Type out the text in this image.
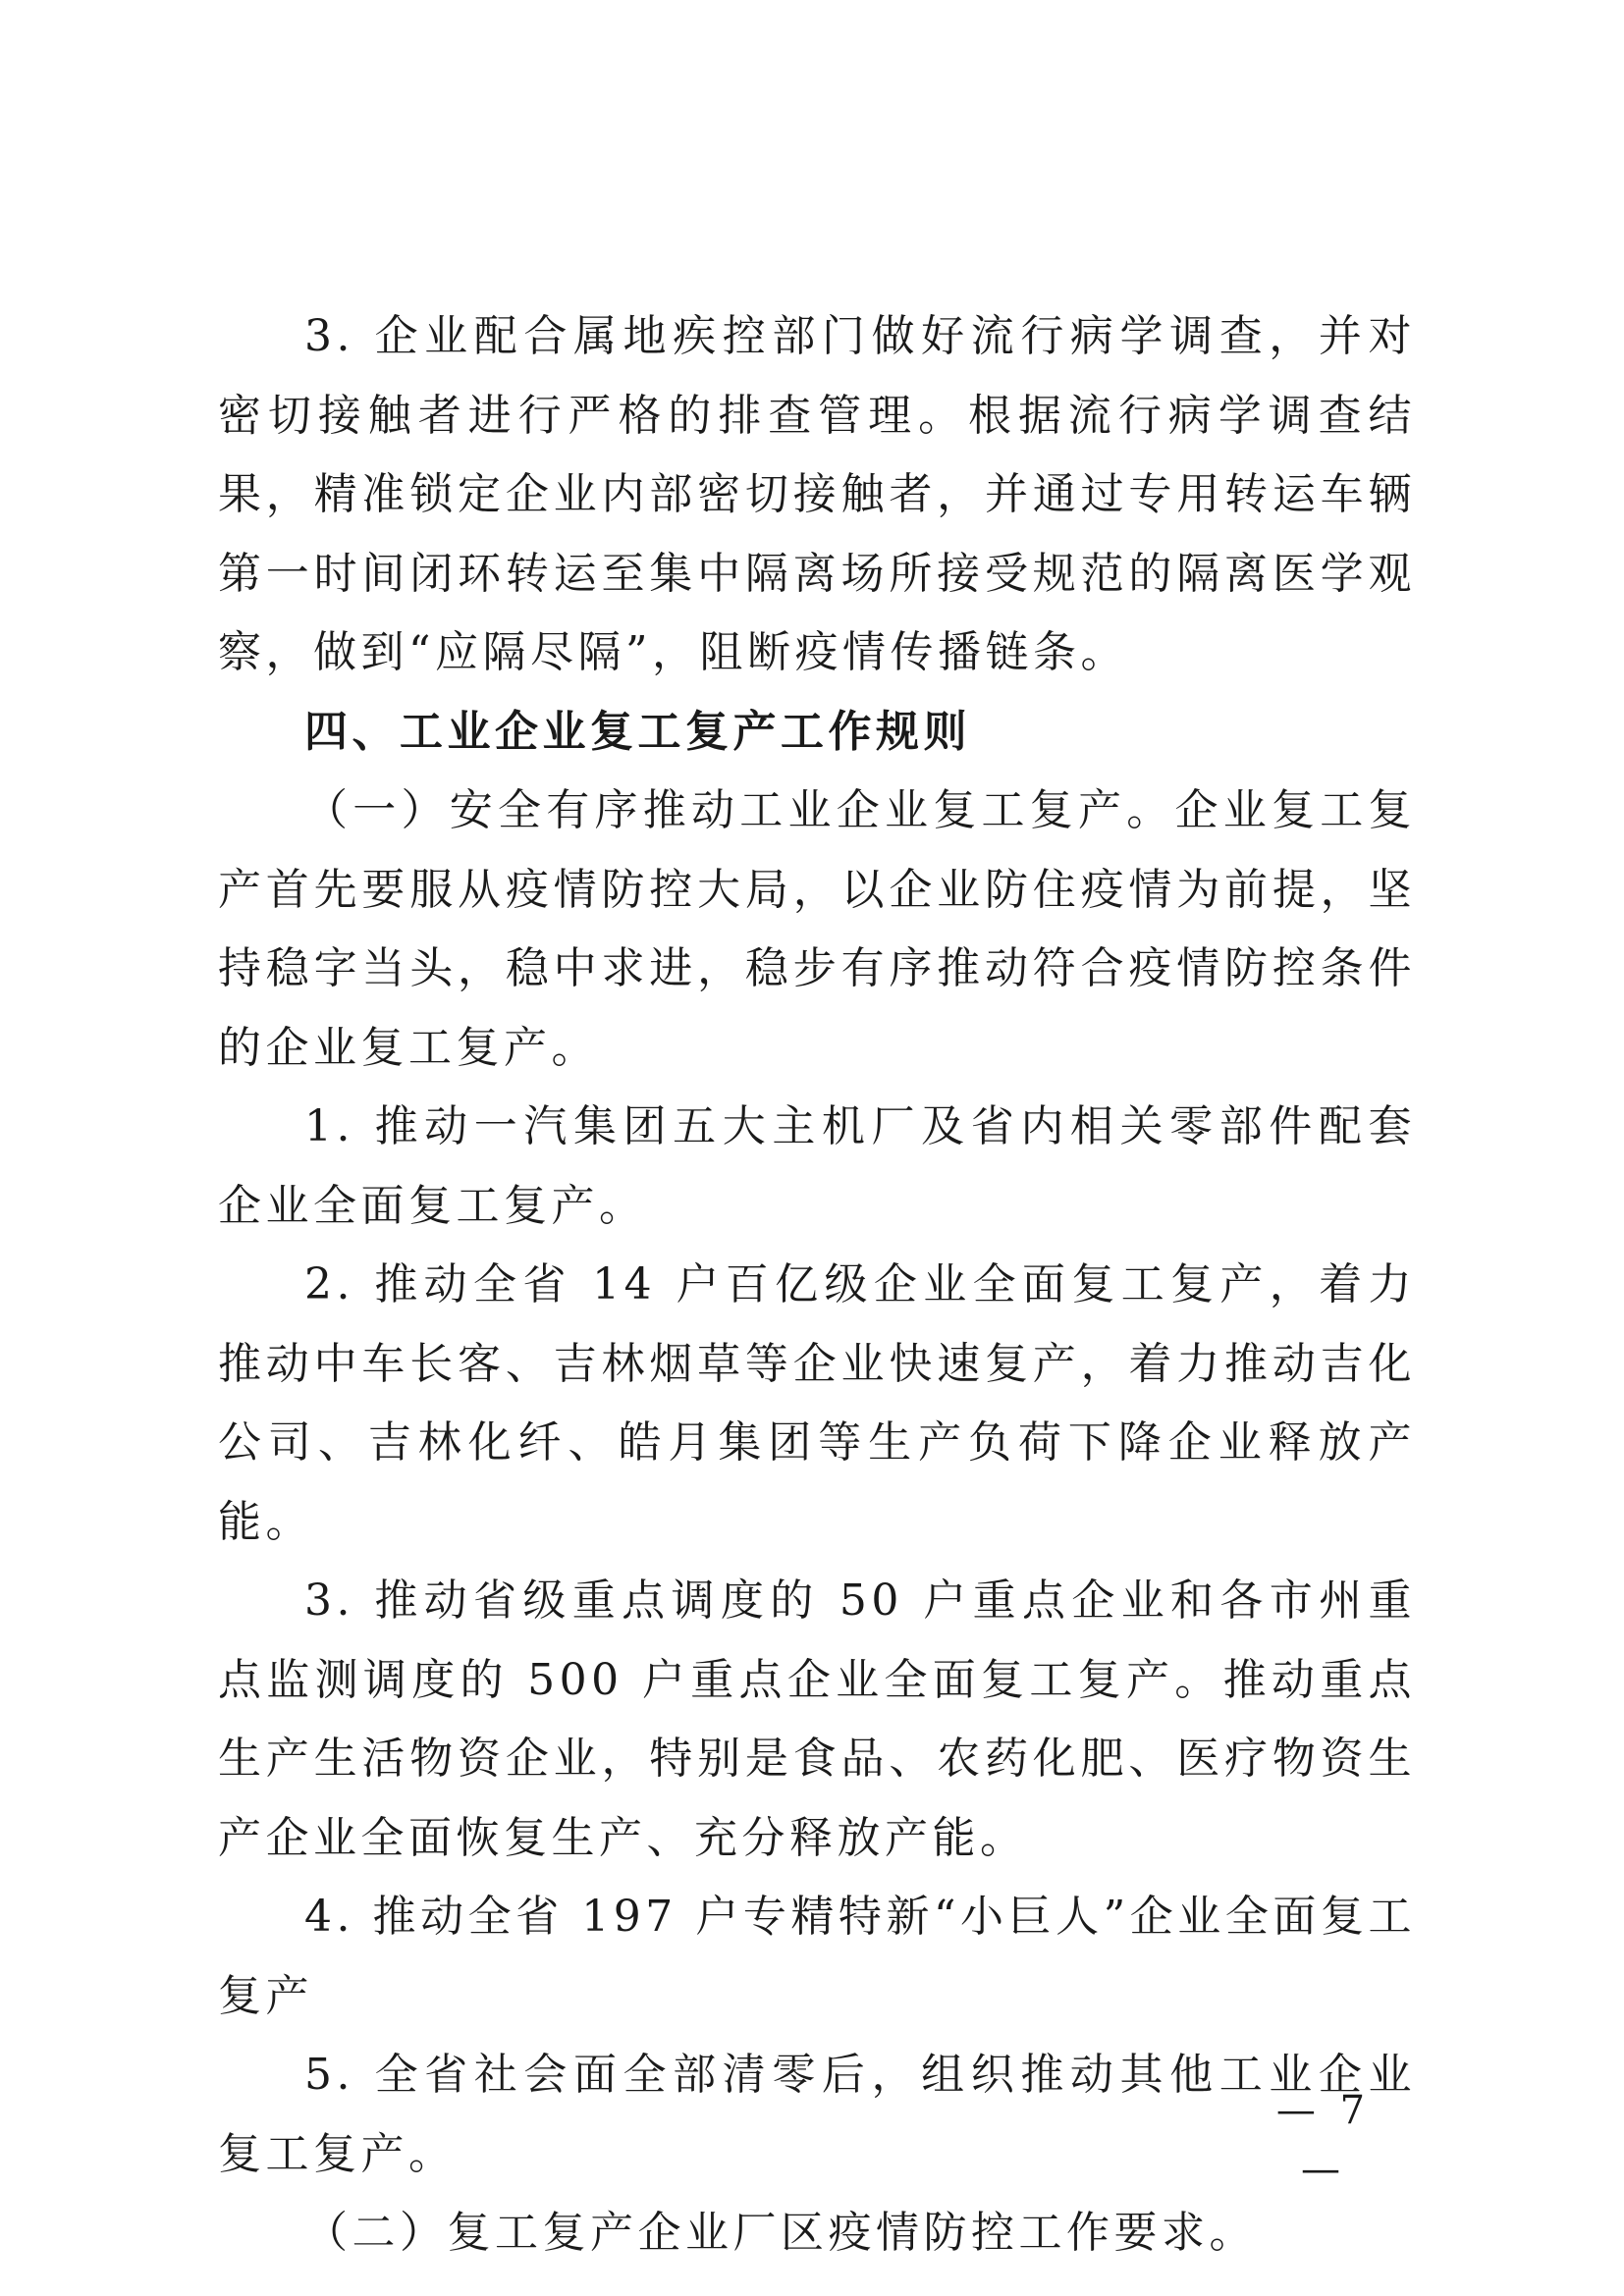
3. 企业配合属地疾控部门做好流行病学调查，并对密切接触者进行严格的排查管理。根据流行病学调查结果，精准锁定企业内部密切接触者，并通过专用转运车辆第一时间闭环转运至集中隔离场所接受规范的隔离医学观察，做到“应隔尽隔”，阻断疫情传播链条。

四、工业企业复工复产工作规则

（一）安全有序推动工业企业复工复产。企业复工复产首先要服从疫情防控大局，以企业防住疫情为前提，坚持稳字当头，稳中求进，稳步有序推动符合疫情防控条件的企业复工复产。

1. 推动一汽集团五大主机厂及省内相关零部件配套企业全面复工复产。

2. 推动全省 14 户百亿级企业全面复工复产，着力推动中车长客、吉林烟草等企业快速复产，着力推动吉化公司、吉林化纤、皓月集团等生产负荷下降企业释放产能。

3. 推动省级重点调度的 50 户重点企业和各市州重点监测调度的 500 户重点企业全面复工复产。推动重点生产生活物资企业，特别是食品、农药化肥、医疗物资生产企业全面恢复生产、充分释放产能。

4. 推动全省 197 户专精特新“小巨人”企业全面复工复产

5. 全省社会面全部清零后，组织推动其他工业企业复工复产。

（二）复工复产企业厂区疫情防控工作要求。

— 7 —
